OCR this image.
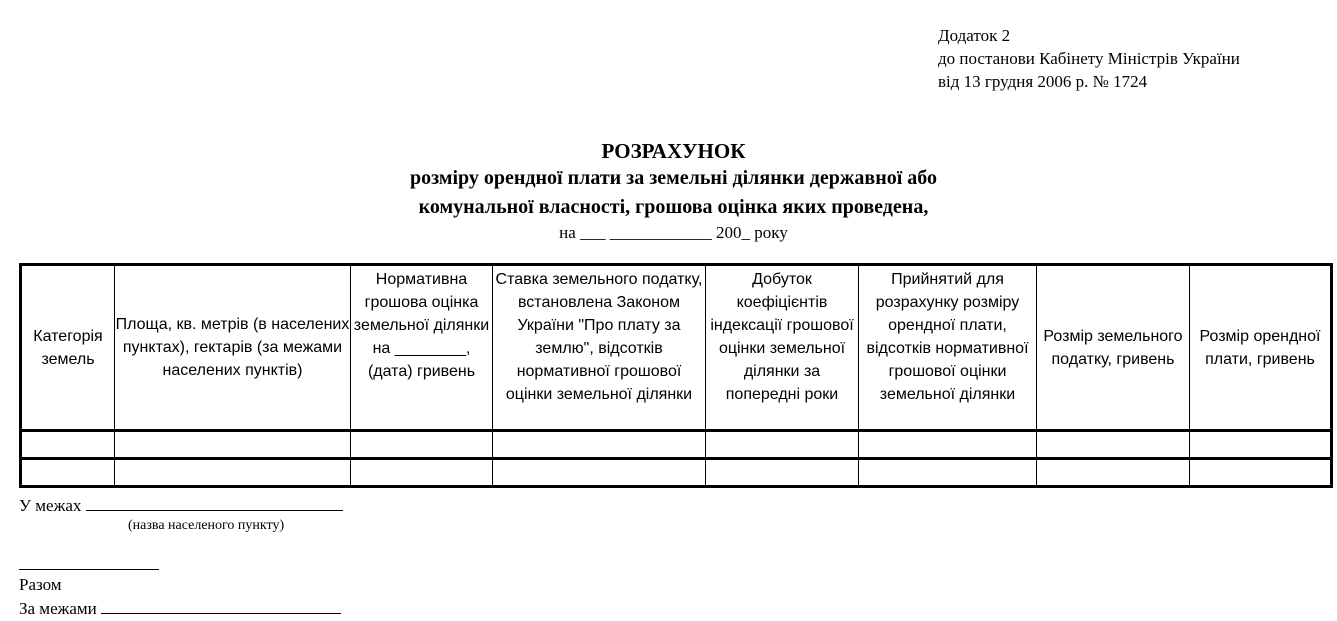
Додаток 2
до постанови Кабінету Міністрів України
від 13 грудня 2006 р. № 1724
РОЗРАХУНОК
розміру орендної плати за земельні ділянки державної або
комунальної власності, грошова оцінка яких проведена,
на ___ ____________ 200_ року
Категорія земель	Площа, кв. метрів (в населених пунктах), гектарів (за межами населених пунктів)	Нормативна грошова оцінка земельної ділянки на ________, (дата) гривень	Ставка земельного податку, встановлена Законом України "Про плату за землю", відсотків нормативної грошової оцінки земельної ділянки	Добуток коефіцієнтів індексації грошової оцінки земельної ділянки за попередні роки	Прийнятий для розрахунку розміру орендної плати, відсотків нормативної грошової оцінки земельної ділянки	Розмір земельного податку, гривень	Розмір орендної плати, гривень

У межах
(назва населеного пункту)
Разом
За межами
